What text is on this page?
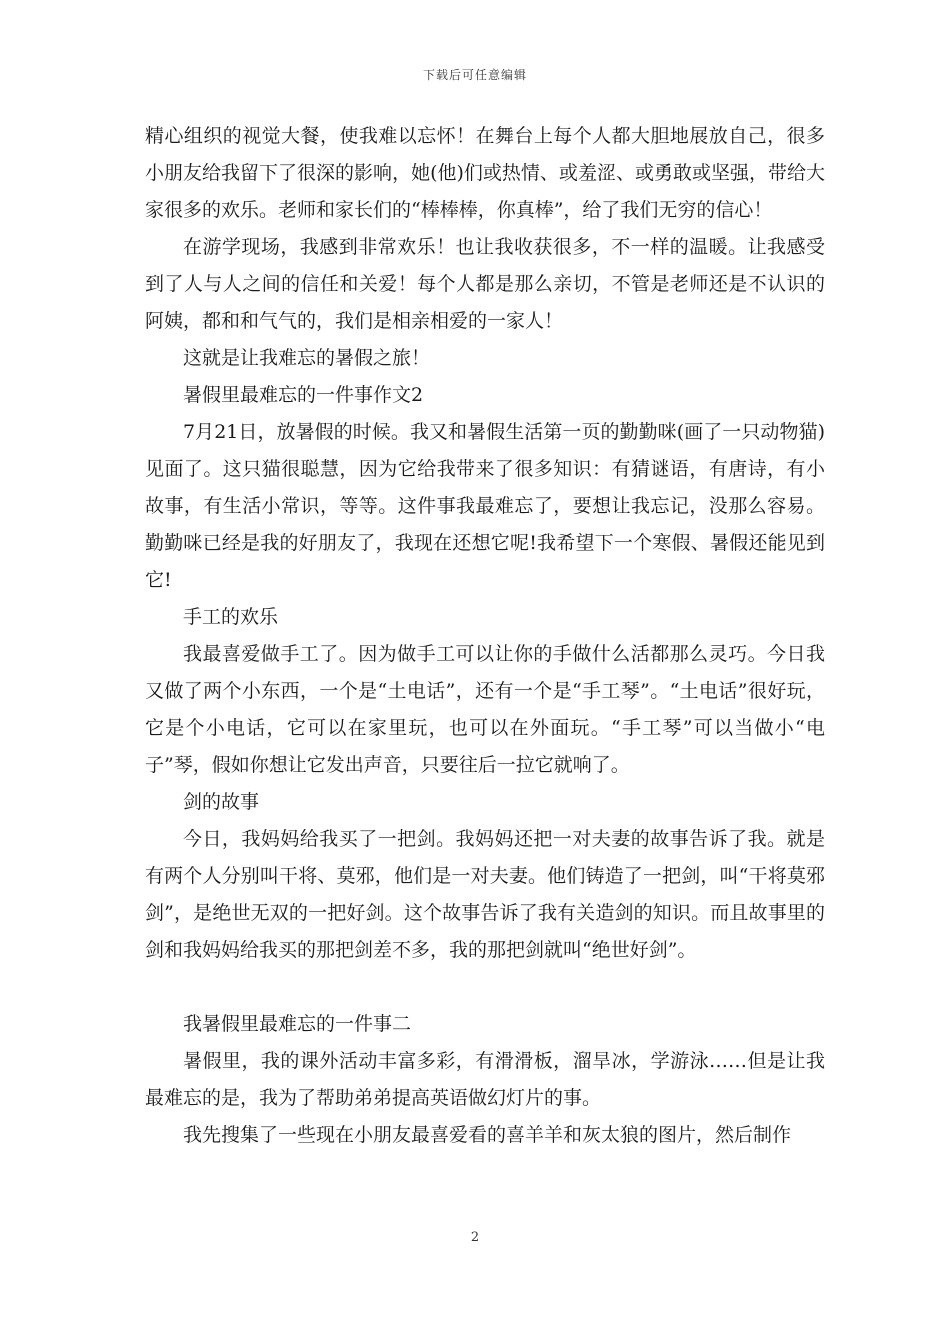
下载后可任意编辑

精心组织的视觉大餐，使我难以忘怀！在舞台上每个人都大胆地展放自己，很多小朋友给我留下了很深的影响，她(他)们或热情、或羞涩、或勇敢或坚强，带给大家很多的欢乐。老师和家长们的“棒棒棒，你真棒”，给了我们无穷的信心！

在游学现场，我感到非常欢乐！也让我收获很多，不一样的温暖。让我感受到了人与人之间的信任和关爱！每个人都是那么亲切，不管是老师还是不认识的阿姨，都和和气气的，我们是相亲相爱的一家人！

这就是让我难忘的暑假之旅！

暑假里最难忘的一件事作文2

7月21日，放暑假的时候。我又和暑假生活第一页的勤勤咪(画了一只动物猫)见面了。这只猫很聪慧，因为它给我带来了很多知识：有猜谜语，有唐诗，有小故事，有生活小常识，等等。这件事我最难忘了，要想让我忘记，没那么容易。勤勤咪已经是我的好朋友了，我现在还想它呢!我希望下一个寒假、暑假还能见到它!

手工的欢乐

我最喜爱做手工了。因为做手工可以让你的手做什么活都那么灵巧。今日我又做了两个小东西，一个是“土电话”，还有一个是“手工琴”。“土电话”很好玩，它是个小电话，它可以在家里玩，也可以在外面玩。“手工琴”可以当做小“电子”琴，假如你想让它发出声音，只要往后一拉它就响了。

剑的故事

今日，我妈妈给我买了一把剑。我妈妈还把一对夫妻的故事告诉了我。就是有两个人分别叫干将、莫邪，他们是一对夫妻。他们铸造了一把剑，叫“干将莫邪剑”，是绝世无双的一把好剑。这个故事告诉了我有关造剑的知识。而且故事里的剑和我妈妈给我买的那把剑差不多，我的那把剑就叫“绝世好剑”。

我暑假里最难忘的一件事二

暑假里，我的课外活动丰富多彩，有滑滑板，溜旱冰，学游泳……但是让我最难忘的是，我为了帮助弟弟提高英语做幻灯片的事。

我先搜集了一些现在小朋友最喜爱看的喜羊羊和灰太狼的图片，然后制作

2
